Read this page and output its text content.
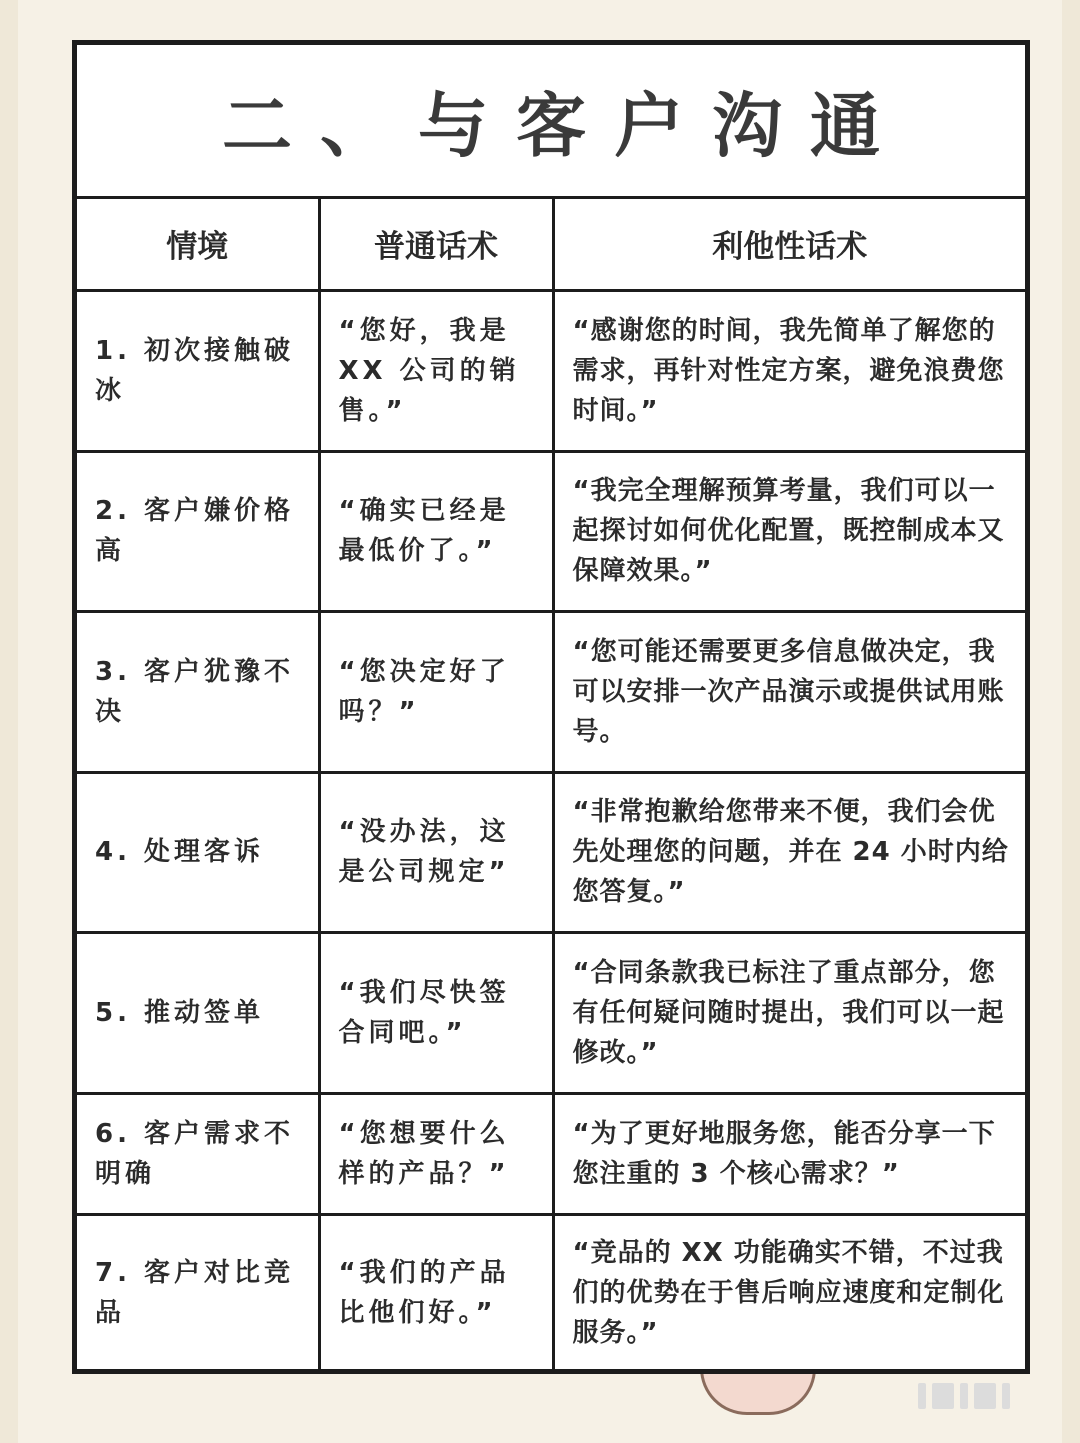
二、与客户沟通
情境	普通话术	利他性话术
1. 初次接触破冰	“您好，我是 XX 公司的销售。”	“感谢您的时间，我先简单了解您的需求，再针对性定方案，避免浪费您时间。”
2. 客户嫌价格高	“确实已经是最低价了。”	“我完全理解预算考量，我们可以一起探讨如何优化配置，既控制成本又保障效果。”
3. 客户犹豫不决	“您决定好了吗？”	“您可能还需要更多信息做决定，我可以安排一次产品演示或提供试用账号。
4. 处理客诉	“没办法，这是公司规定”	“非常抱歉给您带来不便，我们会优先处理您的问题，并在 24 小时内给您答复。”
5. 推动签单	“我们尽快签合同吧。”	“合同条款我已标注了重点部分，您有任何疑问随时提出，我们可以一起修改。”
6. 客户需求不明确	“您想要什么样的产品？”	“为了更好地服务您，能否分享一下您注重的 3 个核心需求？”
7. 客户对比竞品	“我们的产品比他们好。”	“竞品的 XX 功能确实不错，不过我们的优势在于售后响应速度和定制化服务。”
